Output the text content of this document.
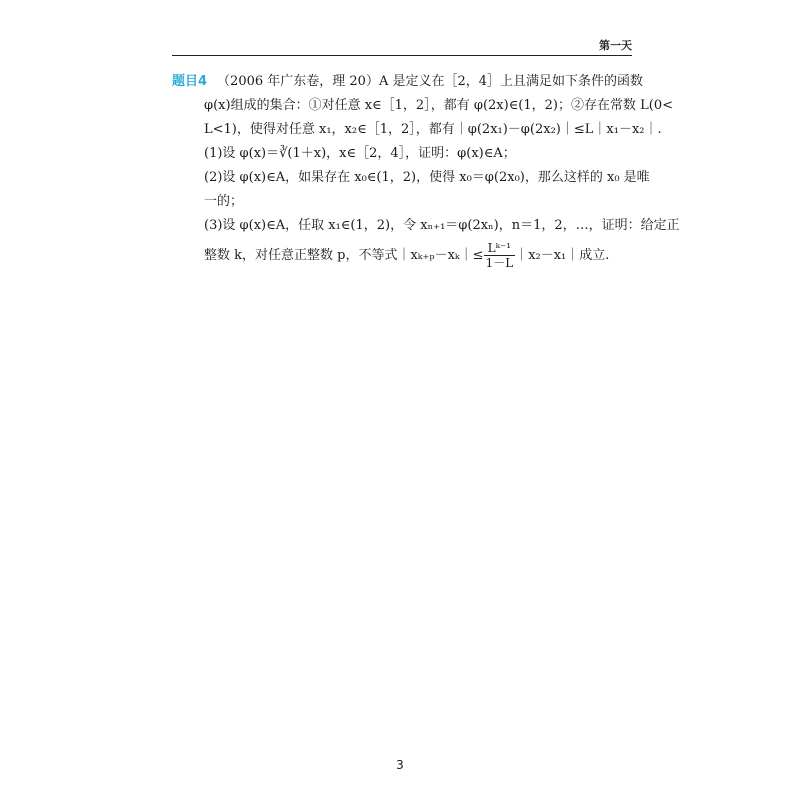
第一天
题目4 （2006 年广东卷，理 20）A 是定义在［2，4］上且满足如下条件的函数
φ(x)组成的集合：①对任意 x∈［1，2］，都有 φ(2x)∈(1，2)；②存在常数 L(0<
L<1)，使得对任意 x₁，x₂∈［1，2］，都有｜φ(2x₁)－φ(2x₂)｜≤L｜x₁－x₂｜.
(1)设 φ(x)＝∛(1＋x)，x∈［2，4］，证明：φ(x)∈A；
(2)设 φ(x)∈A，如果存在 x₀∈(1，2)，使得 x₀＝φ(2x₀)，那么这样的 x₀ 是唯
一的；
(3)设 φ(x)∈A，任取 x₁∈(1，2)，令 xₙ₊₁＝φ(2xₙ)，n＝1，2，…，证明：给定正
整数 k，对任意正整数 p，不等式｜xₖ₊ₚ－xₖ｜≤ $\frac{\text{Lᵏ⁻¹}}{1-L}$ ｜x₂－x₁｜成立.
3
